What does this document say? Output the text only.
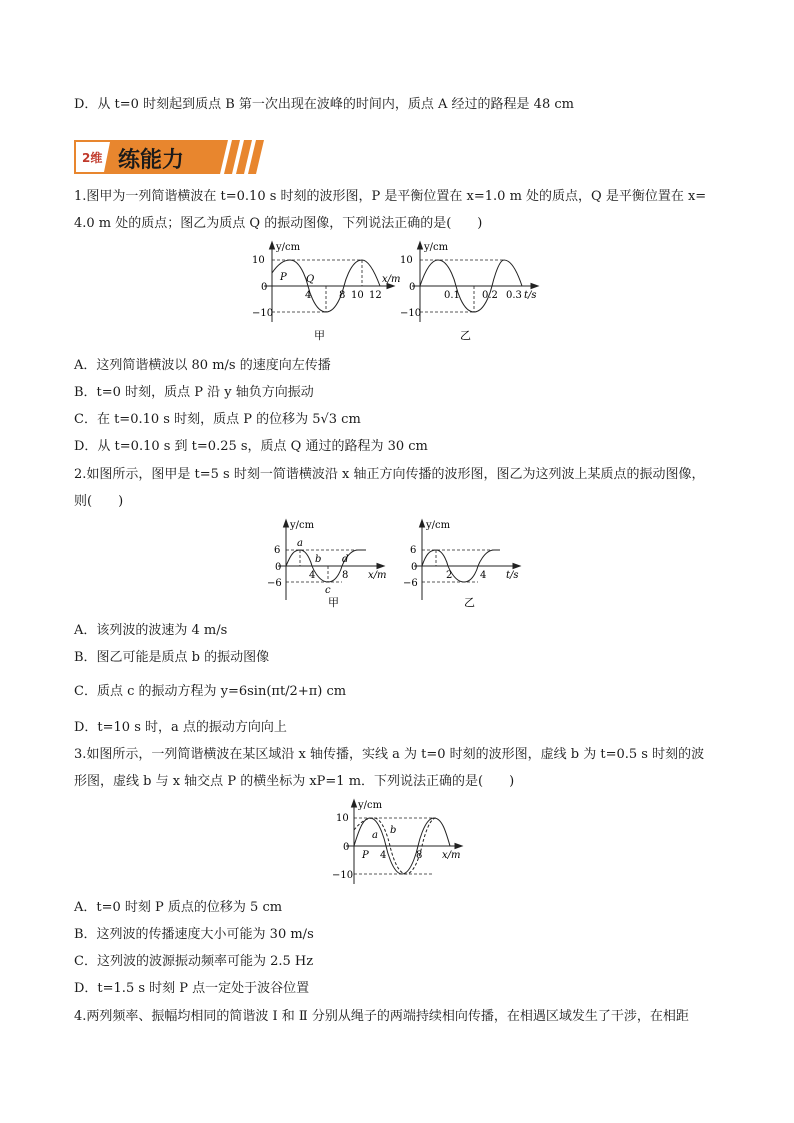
D．从 t=0 时刻起到质点 B 第一次出现在波峰的时间内，质点 A 经过的路程是 48 cm
2维 练能力
1.图甲为一列简谐横波在 t=0.10 s 时刻的波形图，P 是平衡位置在 x=1.0 m 处的质点，Q 是平衡位置在 x=
4.0 m 处的质点；图乙为质点 Q 的振动图像，下列说法正确的是(　　)
y/cm
x/m
10
0
−10
4	8 10 12
P Q
甲
y/cm
t/s
10
0
−10
0.1 0.2 0.3
乙
A．这列简谐横波以 80 m/s 的速度向左传播
B．t=0 时刻，质点 P 沿 y 轴负方向振动
C．在 t=0.10 s 时刻，质点 P 的位移为 5√3 cm
D．从 t=0.10 s 到 t=0.25 s，质点 Q 通过的路程为 30 cm
2.如图所示，图甲是 t=5 s 时刻一简谐横波沿 x 轴正方向传播的波形图，图乙为这列波上某质点的振动图像，
则(　　)
y/cm
x/m
6
0
−6
4	8
a
b
c
d
甲
y/cm
t/s
6
0
−6
2	4
乙
A．该列波的波速为 4 m/s
B．图乙可能是质点 b 的振动图像
C．质点 c 的振动方程为 y=6sin(πt/2+π) cm
D．t=10 s 时，a 点的振动方向向上
3.如图所示，一列简谐横波在某区域沿 x 轴传播，实线 a 为 t=0 时刻的波形图，虚线 b 为 t=0.5 s 时刻的波
形图，虚线 b 与 x 轴交点 P 的横坐标为 xP=1 m．下列说法正确的是(　　)
y/cm
x/m
10
0
−10
4	8
a b
P
A．t=0 时刻 P 质点的位移为 5 cm
B．这列波的传播速度大小可能为 30 m/s
C．这列波的波源振动频率可能为 2.5 Hz
D．t=1.5 s 时刻 P 点一定处于波谷位置
4.两列频率、振幅均相同的简谐波 Ⅰ 和 Ⅱ 分别从绳子的两端持续相向传播，在相遇区域发生了干涉，在相距
